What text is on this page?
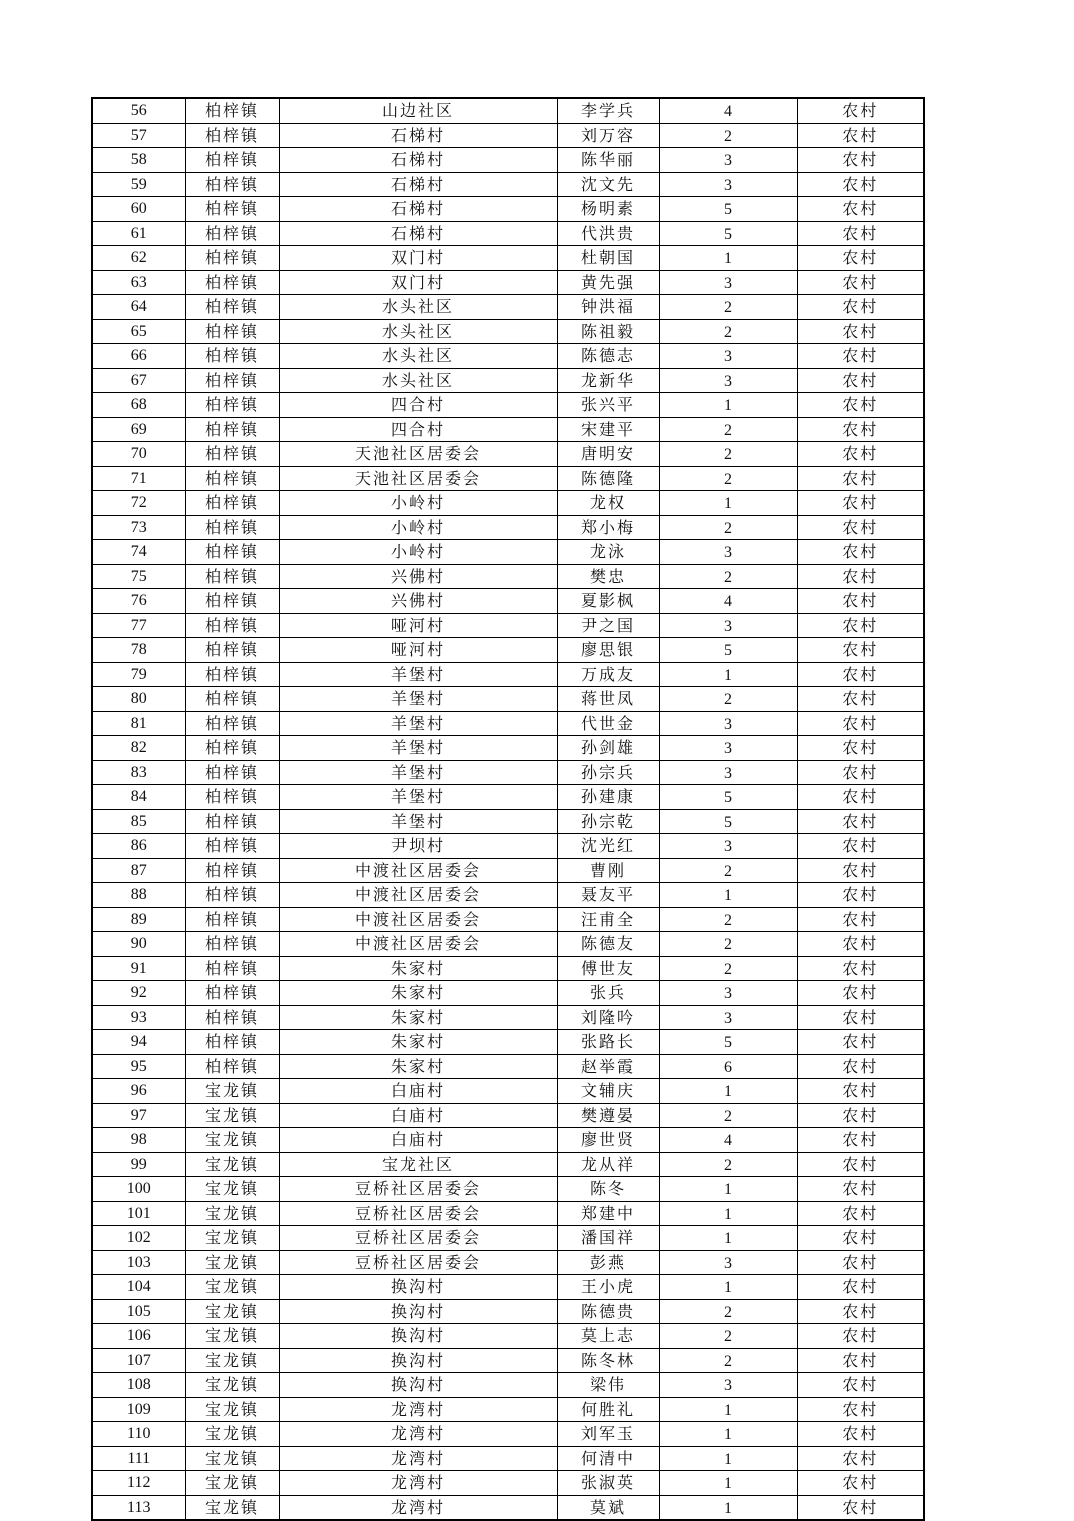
56	柏梓镇	山边社区	李学兵	4	农村
57	柏梓镇	石梯村	刘万容	2	农村
58	柏梓镇	石梯村	陈华丽	3	农村
59	柏梓镇	石梯村	沈文先	3	农村
60	柏梓镇	石梯村	杨明素	5	农村
61	柏梓镇	石梯村	代洪贵	5	农村
62	柏梓镇	双门村	杜朝国	1	农村
63	柏梓镇	双门村	黄先强	3	农村
64	柏梓镇	水头社区	钟洪福	2	农村
65	柏梓镇	水头社区	陈祖毅	2	农村
66	柏梓镇	水头社区	陈德志	3	农村
67	柏梓镇	水头社区	龙新华	3	农村
68	柏梓镇	四合村	张兴平	1	农村
69	柏梓镇	四合村	宋建平	2	农村
70	柏梓镇	天池社区居委会	唐明安	2	农村
71	柏梓镇	天池社区居委会	陈德隆	2	农村
72	柏梓镇	小岭村	龙权	1	农村
73	柏梓镇	小岭村	郑小梅	2	农村
74	柏梓镇	小岭村	龙泳	3	农村
75	柏梓镇	兴佛村	樊忠	2	农村
76	柏梓镇	兴佛村	夏影枫	4	农村
77	柏梓镇	哑河村	尹之国	3	农村
78	柏梓镇	哑河村	廖思银	5	农村
79	柏梓镇	羊堡村	万成友	1	农村
80	柏梓镇	羊堡村	蒋世凤	2	农村
81	柏梓镇	羊堡村	代世金	3	农村
82	柏梓镇	羊堡村	孙剑雄	3	农村
83	柏梓镇	羊堡村	孙宗兵	3	农村
84	柏梓镇	羊堡村	孙建康	5	农村
85	柏梓镇	羊堡村	孙宗乾	5	农村
86	柏梓镇	尹坝村	沈光红	3	农村
87	柏梓镇	中渡社区居委会	曹刚	2	农村
88	柏梓镇	中渡社区居委会	聂友平	1	农村
89	柏梓镇	中渡社区居委会	汪甫全	2	农村
90	柏梓镇	中渡社区居委会	陈德友	2	农村
91	柏梓镇	朱家村	傅世友	2	农村
92	柏梓镇	朱家村	张兵	3	农村
93	柏梓镇	朱家村	刘隆吟	3	农村
94	柏梓镇	朱家村	张路长	5	农村
95	柏梓镇	朱家村	赵举霞	6	农村
96	宝龙镇	白庙村	文辅庆	1	农村
97	宝龙镇	白庙村	樊遵晏	2	农村
98	宝龙镇	白庙村	廖世贤	4	农村
99	宝龙镇	宝龙社区	龙从祥	2	农村
100	宝龙镇	豆桥社区居委会	陈冬	1	农村
101	宝龙镇	豆桥社区居委会	郑建中	1	农村
102	宝龙镇	豆桥社区居委会	潘国祥	1	农村
103	宝龙镇	豆桥社区居委会	彭燕	3	农村
104	宝龙镇	换沟村	王小虎	1	农村
105	宝龙镇	换沟村	陈德贵	2	农村
106	宝龙镇	换沟村	莫上志	2	农村
107	宝龙镇	换沟村	陈冬林	2	农村
108	宝龙镇	换沟村	梁伟	3	农村
109	宝龙镇	龙湾村	何胜礼	1	农村
110	宝龙镇	龙湾村	刘军玉	1	农村
111	宝龙镇	龙湾村	何清中	1	农村
112	宝龙镇	龙湾村	张淑英	1	农村
113	宝龙镇	龙湾村	莫斌	1	农村
